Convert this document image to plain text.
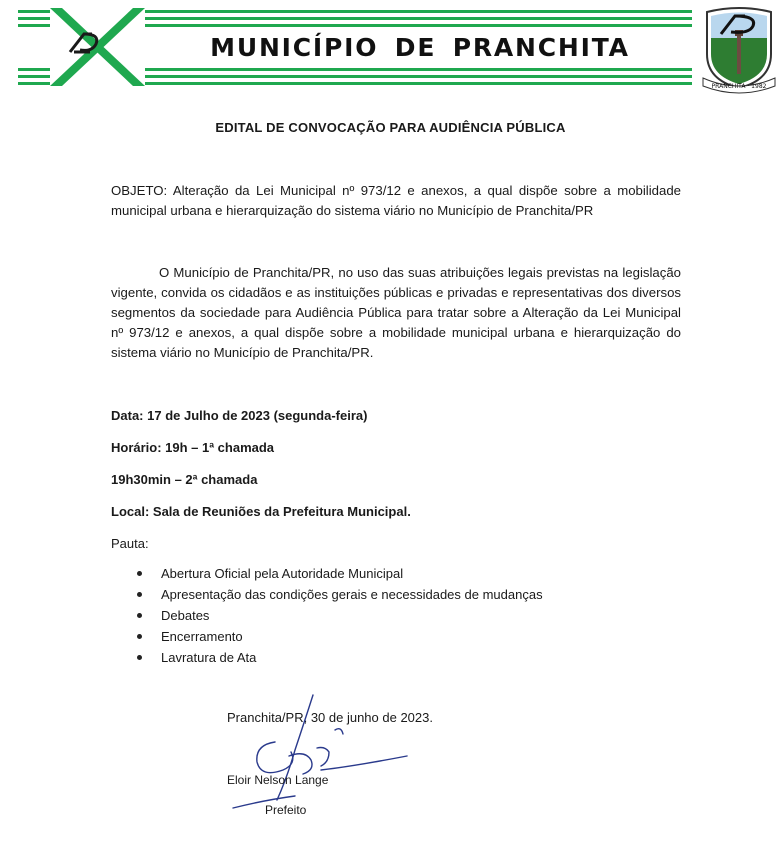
MUNICÍPIO DE PRANCHITA
PRANCHITA · 1982
EDITAL DE CONVOCAÇÃO PARA AUDIÊNCIA PÚBLICA

OBJETO: Alteração da Lei Municipal nº 973/12 e anexos, a qual dispõe sobre a mobilidade municipal urbana e hierarquização do sistema viário no Município de Pranchita/PR

O Município de Pranchita/PR, no uso das suas atribuições legais previstas na legislação vigente, convida os cidadãos e as instituições públicas e privadas e representativas dos diversos segmentos da sociedade para Audiência Pública para tratar sobre a Alteração da Lei Municipal nº 973/12 e anexos, a qual dispõe sobre a mobilidade municipal urbana e hierarquização do sistema viário no Município de Pranchita/PR.

Data: 17 de Julho de 2023 (segunda-feira)

Horário: 19h – 1ª chamada

19h30min – 2ª chamada

Local: Sala de Reuniões da Prefeitura Municipal.

Pauta:

Abertura Oficial pela Autoridade Municipal
Apresentação das condições gerais e necessidades de mudanças
Debates
Encerramento
Lavratura de Ata

Pranchita/PR, 30 de junho de 2023.

Eloir Nelson Lange

Prefeito
